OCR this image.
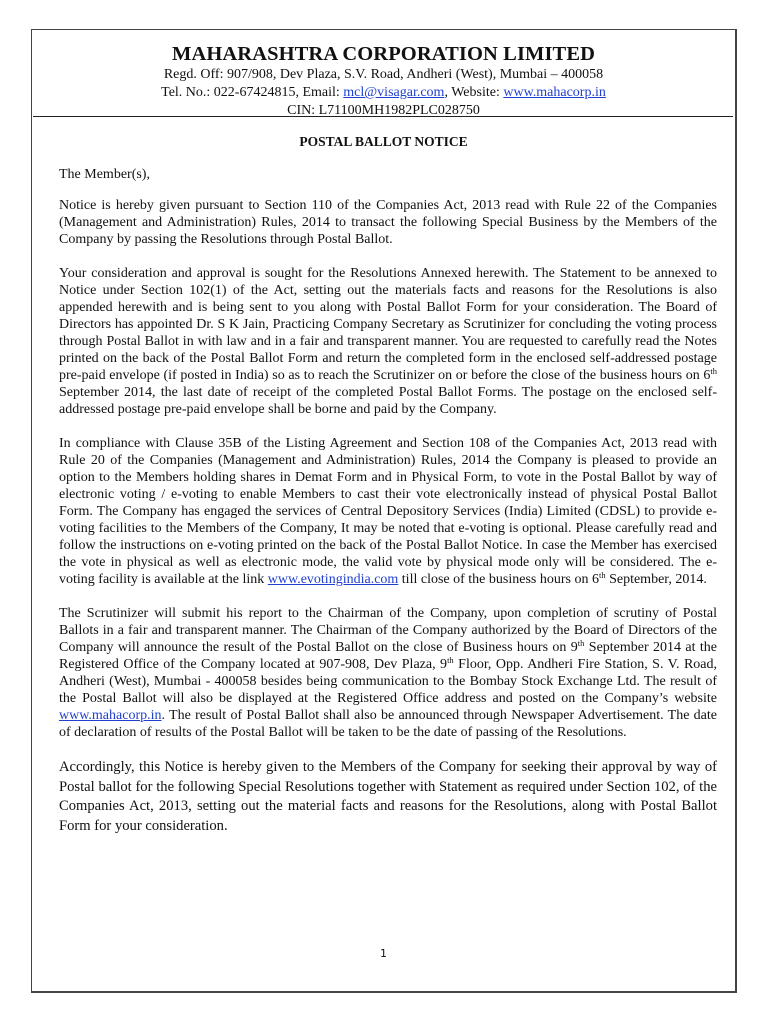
MAHARASHTRA CORPORATION LIMITED

Regd. Off: 907/908, Dev Plaza, S.V. Road, Andheri (West), Mumbai – 400058

Tel. No.: 022-67424815, Email: mcl@visagar.com, Website: www.mahacorp.in

CIN: L71100MH1982PLC028750

POSTAL BALLOT NOTICE

The Member(s),

Notice is hereby given pursuant to Section 110 of the Companies Act, 2013 read with Rule 22 of the Companies (Management and Administration) Rules, 2014 to transact the following Special Business by the Members of the Company by passing the Resolutions through Postal Ballot.

Your consideration and approval is sought for the Resolutions Annexed herewith. The Statement to be annexed to Notice under Section 102(1) of the Act, setting out the materials facts and reasons for the Resolutions is also appended herewith and is being sent to you along with Postal Ballot Form for your consideration. The Board of Directors has appointed Dr. S K Jain, Practicing Company Secretary as Scrutinizer for concluding the voting process through Postal Ballot in with law and in a fair and transparent manner. You are requested to carefully read the Notes printed on the back of the Postal Ballot Form and return the completed form in the enclosed self-addressed postage pre-paid envelope (if posted in India) so as to reach the Scrutinizer on or before the close of the business hours on 6th September 2014, the last date of receipt of the completed Postal Ballot Forms. The postage on the enclosed self-addressed postage pre-paid envelope shall be borne and paid by the Company.

In compliance with Clause 35B of the Listing Agreement and Section 108 of the Companies Act, 2013 read with Rule 20 of the Companies (Management and Administration) Rules, 2014 the Company is pleased to provide an option to the Members holding shares in Demat Form and in Physical Form, to vote in the Postal Ballot by way of electronic voting / e-voting to enable Members to cast their vote electronically instead of physical Postal Ballot Form. The Company has engaged the services of Central Depository Services (India) Limited (CDSL) to provide e-voting facilities to the Members of the Company, It may be noted that e-voting is optional. Please carefully read and follow the instructions on e-voting printed on the back of the Postal Ballot Notice. In case the Member has exercised the vote in physical as well as electronic mode, the valid vote by physical mode only will be considered. The e-voting facility is available at the link www.evotingindia.com till close of the business hours on 6th September, 2014.

The Scrutinizer will submit his report to the Chairman of the Company, upon completion of scrutiny of Postal Ballots in a fair and transparent manner. The Chairman of the Company authorized by the Board of Directors of the Company will announce the result of the Postal Ballot on the close of Business hours on 9th September 2014 at the Registered Office of the Company located at 907-908, Dev Plaza, 9th Floor, Opp. Andheri Fire Station, S. V. Road, Andheri (West), Mumbai - 400058 besides being communication to the Bombay Stock Exchange Ltd. The result of the Postal Ballot will also be displayed at the Registered Office address and posted on the Company’s website www.mahacorp.in. The result of Postal Ballot shall also be announced through Newspaper Advertisement. The date of declaration of results of the Postal Ballot will be taken to be the date of passing of the Resolutions.

Accordingly, this Notice is hereby given to the Members of the Company for seeking their approval by way of Postal ballot for the following Special Resolutions together with Statement as required under Section 102, of the Companies Act, 2013, setting out the material facts and reasons for the Resolutions, along with Postal Ballot Form for your consideration.

1
